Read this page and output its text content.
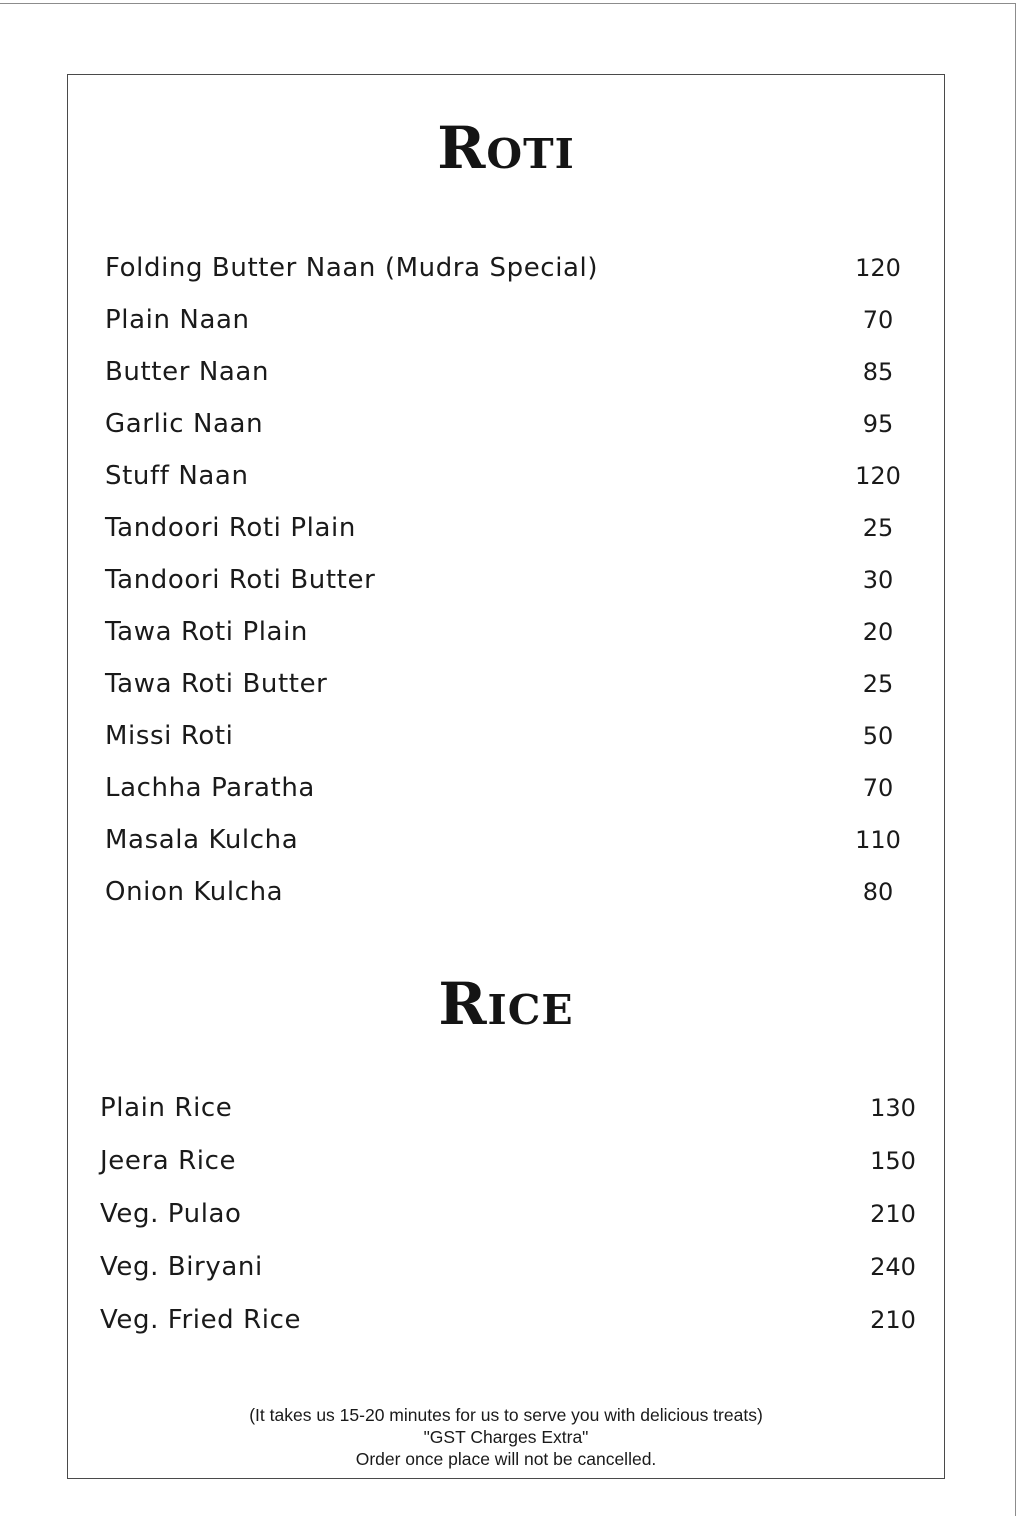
Roti
Folding Butter Naan (Mudra Special)	120
Plain Naan	70
Butter Naan	85
Garlic Naan	95
Stuff Naan	120
Tandoori Roti Plain	25
Tandoori Roti Butter	30
Tawa Roti Plain	20
Tawa Roti Butter	25
Missi Roti	50
Lachha Paratha	70
Masala Kulcha	110
Onion Kulcha	80
Rice
Plain Rice	130
Jeera Rice	150
Veg. Pulao	210
Veg. Biryani	240
Veg. Fried Rice	210
(It takes us 15-20 minutes for us to serve you with delicious treats)
"GST Charges Extra"
Order once place will not be cancelled.
